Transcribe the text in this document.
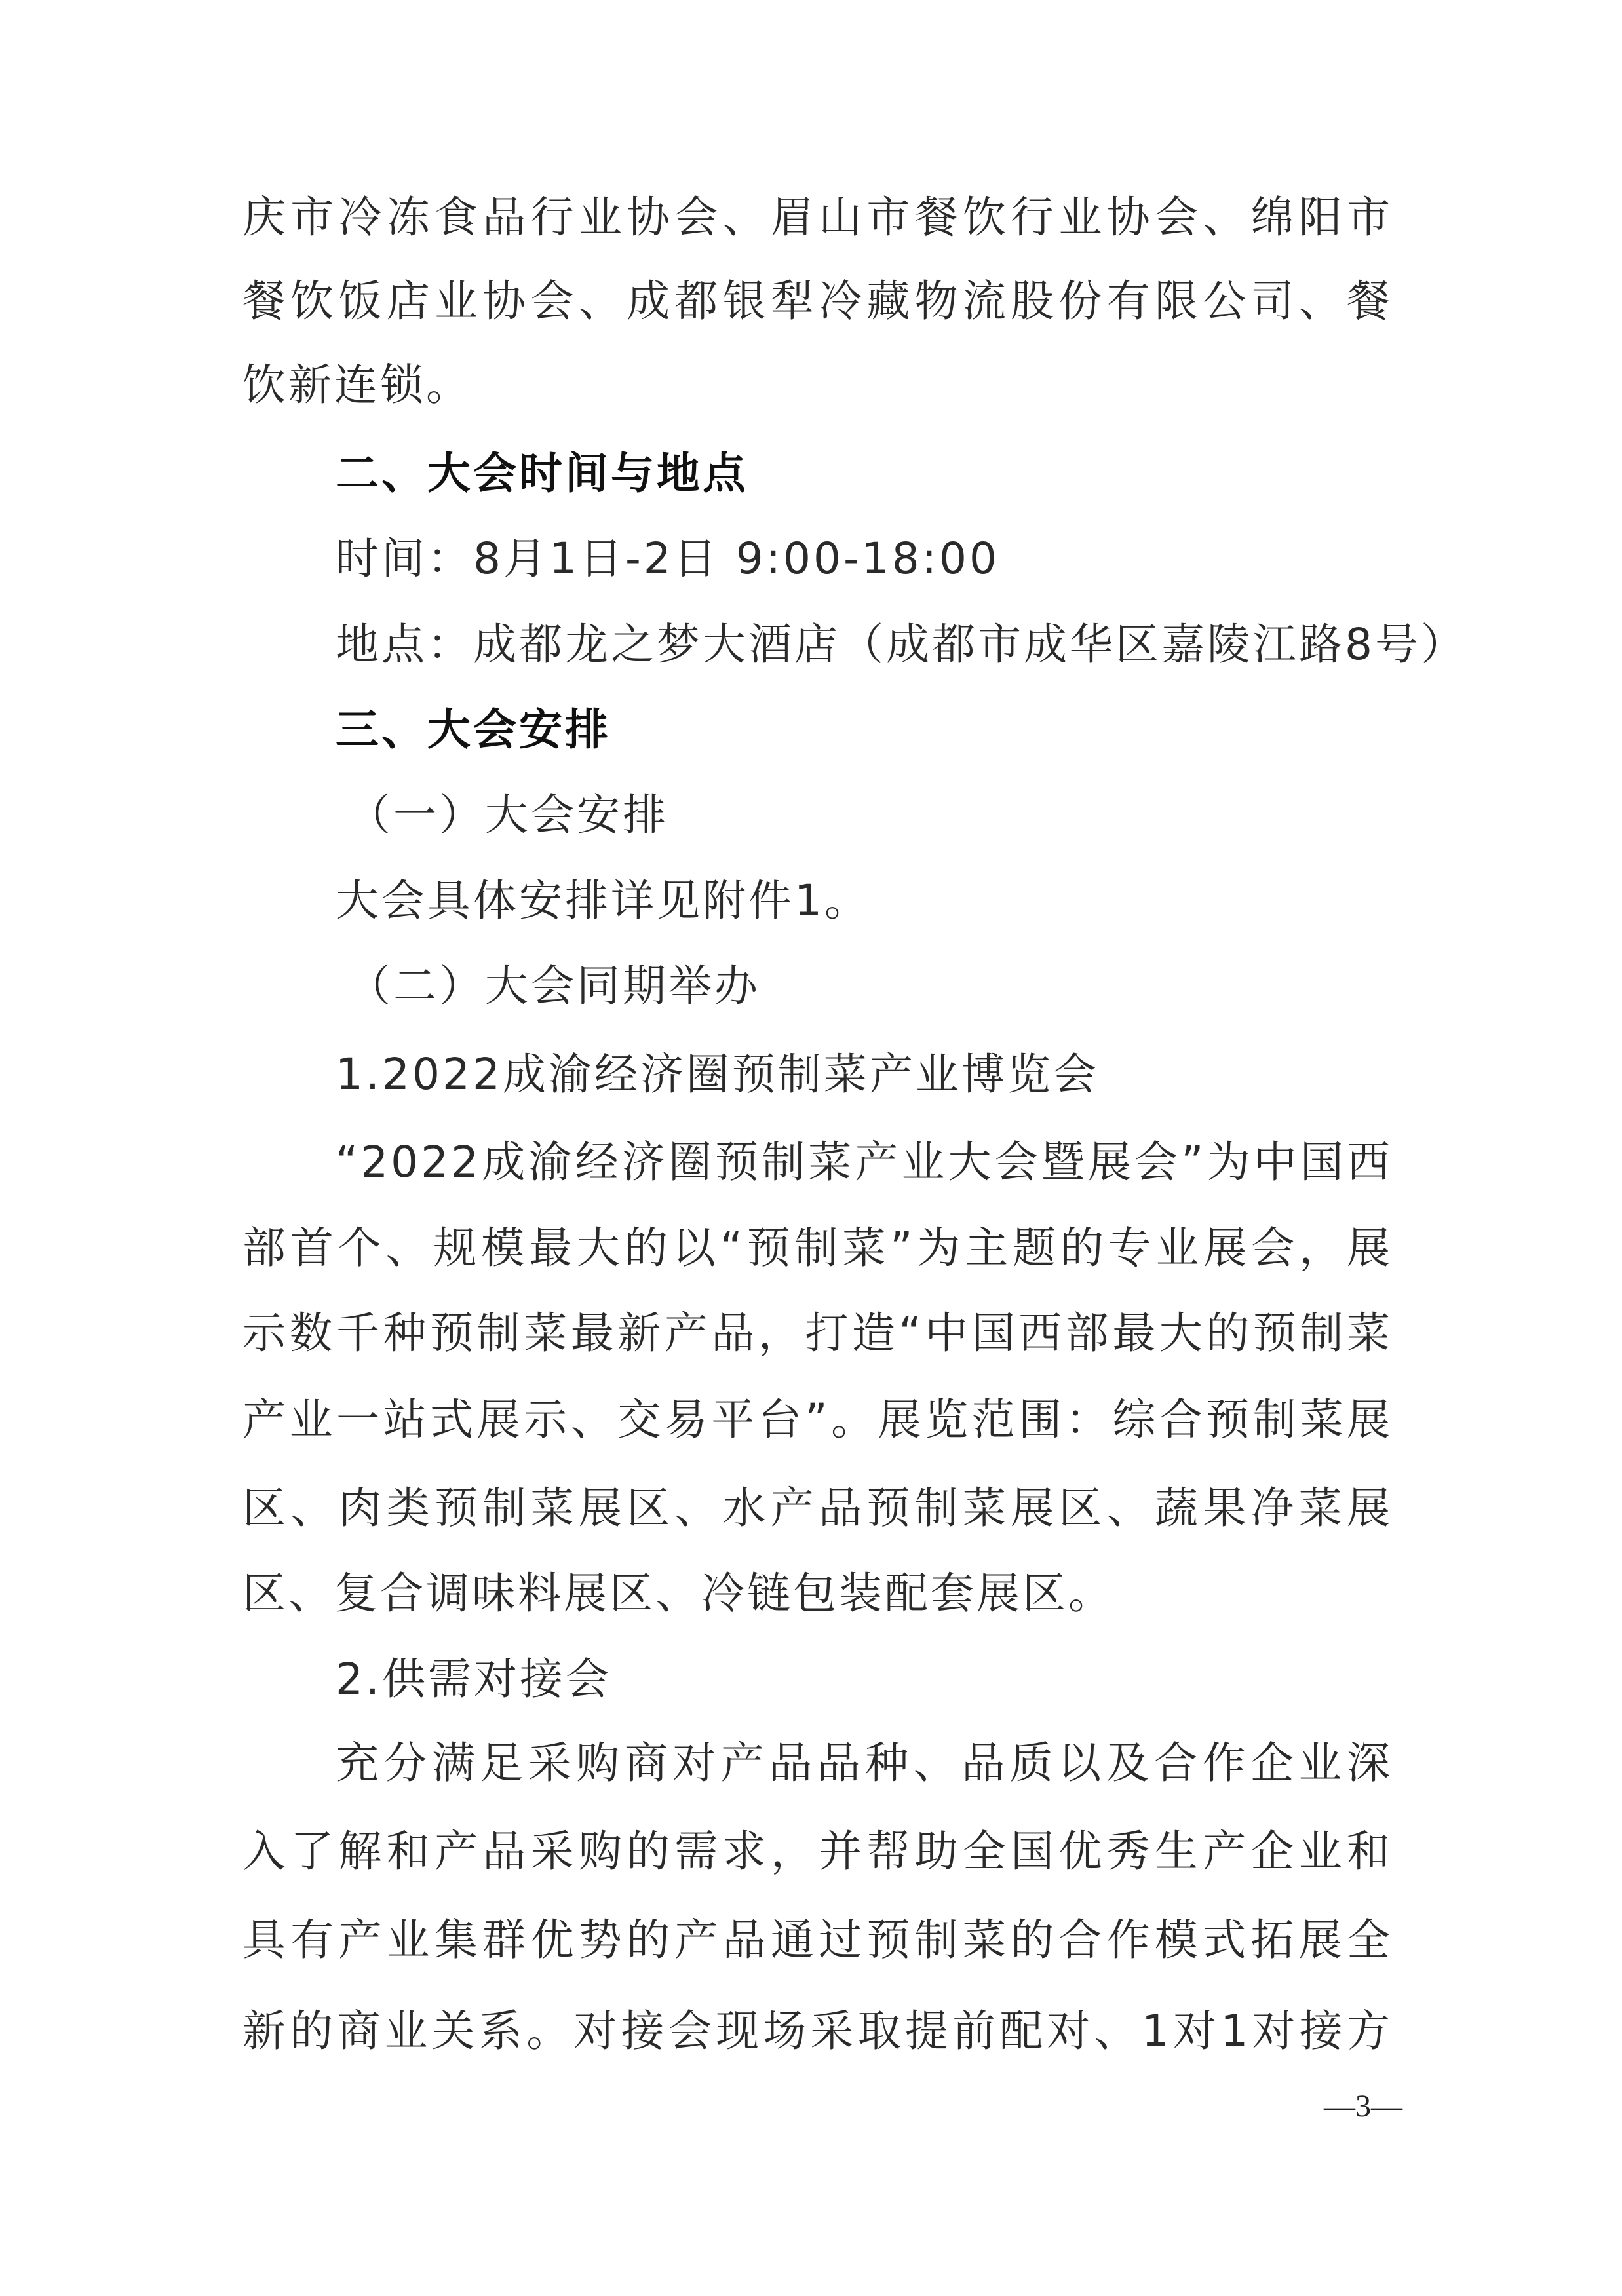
庆市冷冻食品行业协会、眉山市餐饮行业协会、绵阳市
餐饮饭店业协会、成都银犁冷藏物流股份有限公司、餐
饮新连锁。
二、大会时间与地点
时间：8月1日-2日 9:00-18:00
地点：成都龙之梦大酒店（成都市成华区嘉陵江路8号）
三、大会安排
（一）大会安排
大会具体安排详见附件1。
（二）大会同期举办
1.2022成渝经济圈预制菜产业博览会
“2022成渝经济圈预制菜产业大会暨展会”为中国西
部首个、规模最大的以“预制菜”为主题的专业展会，展
示数千种预制菜最新产品，打造“中国西部最大的预制菜
产业一站式展示、交易平台”。展览范围：综合预制菜展
区、肉类预制菜展区、水产品预制菜展区、蔬果净菜展
区、复合调味料展区、冷链包装配套展区。
2.供需对接会
充分满足采购商对产品品种、品质以及合作企业深
入了解和产品采购的需求，并帮助全国优秀生产企业和
具有产业集群优势的产品通过预制菜的合作模式拓展全
新的商业关系。对接会现场采取提前配对、1对1对接方
—3—
